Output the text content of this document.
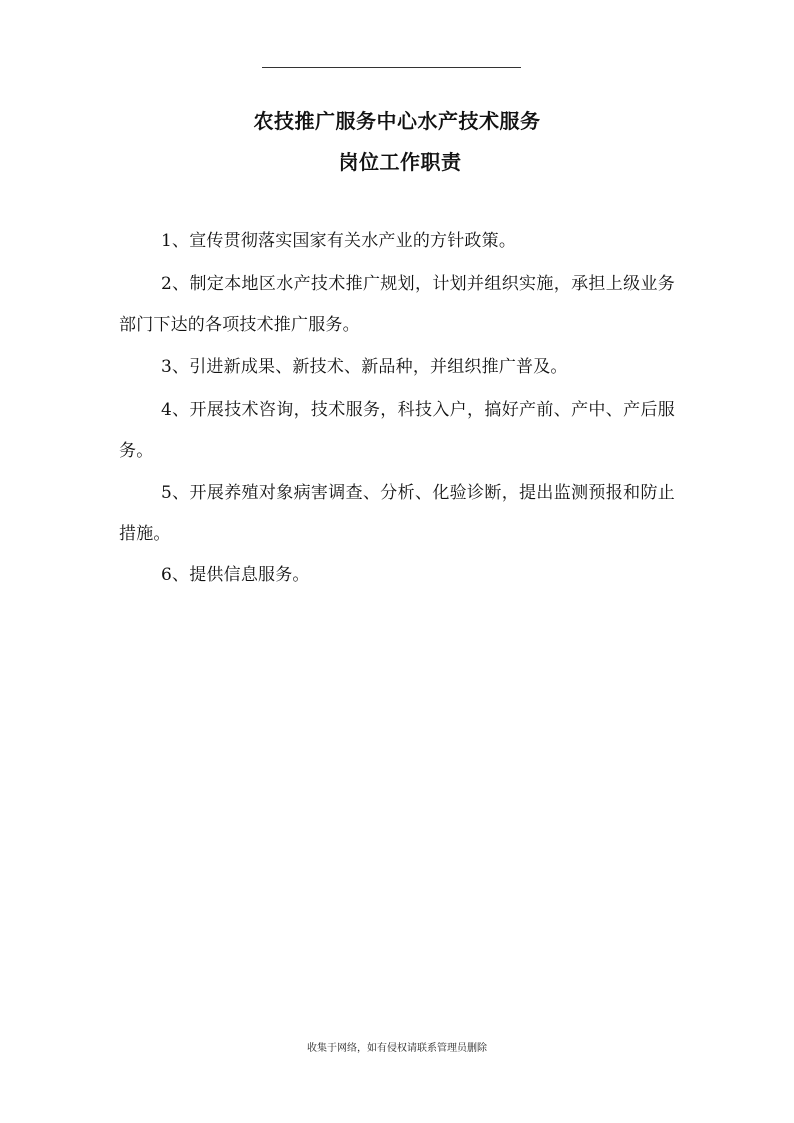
农技推广服务中心水产技术服务
岗位工作职责

1、宣传贯彻落实国家有关水产业的方针政策。

2、制定本地区水产技术推广规划，计划并组织实施，承担上级业务部门下达的各项技术推广服务。

3、引进新成果、新技术、新品种，并组织推广普及。

4、开展技术咨询，技术服务，科技入户，搞好产前、产中、产后服务。

5、开展养殖对象病害调查、分析、化验诊断，提出监测预报和防止措施。

6、提供信息服务。

收集于网络，如有侵权请联系管理员删除
